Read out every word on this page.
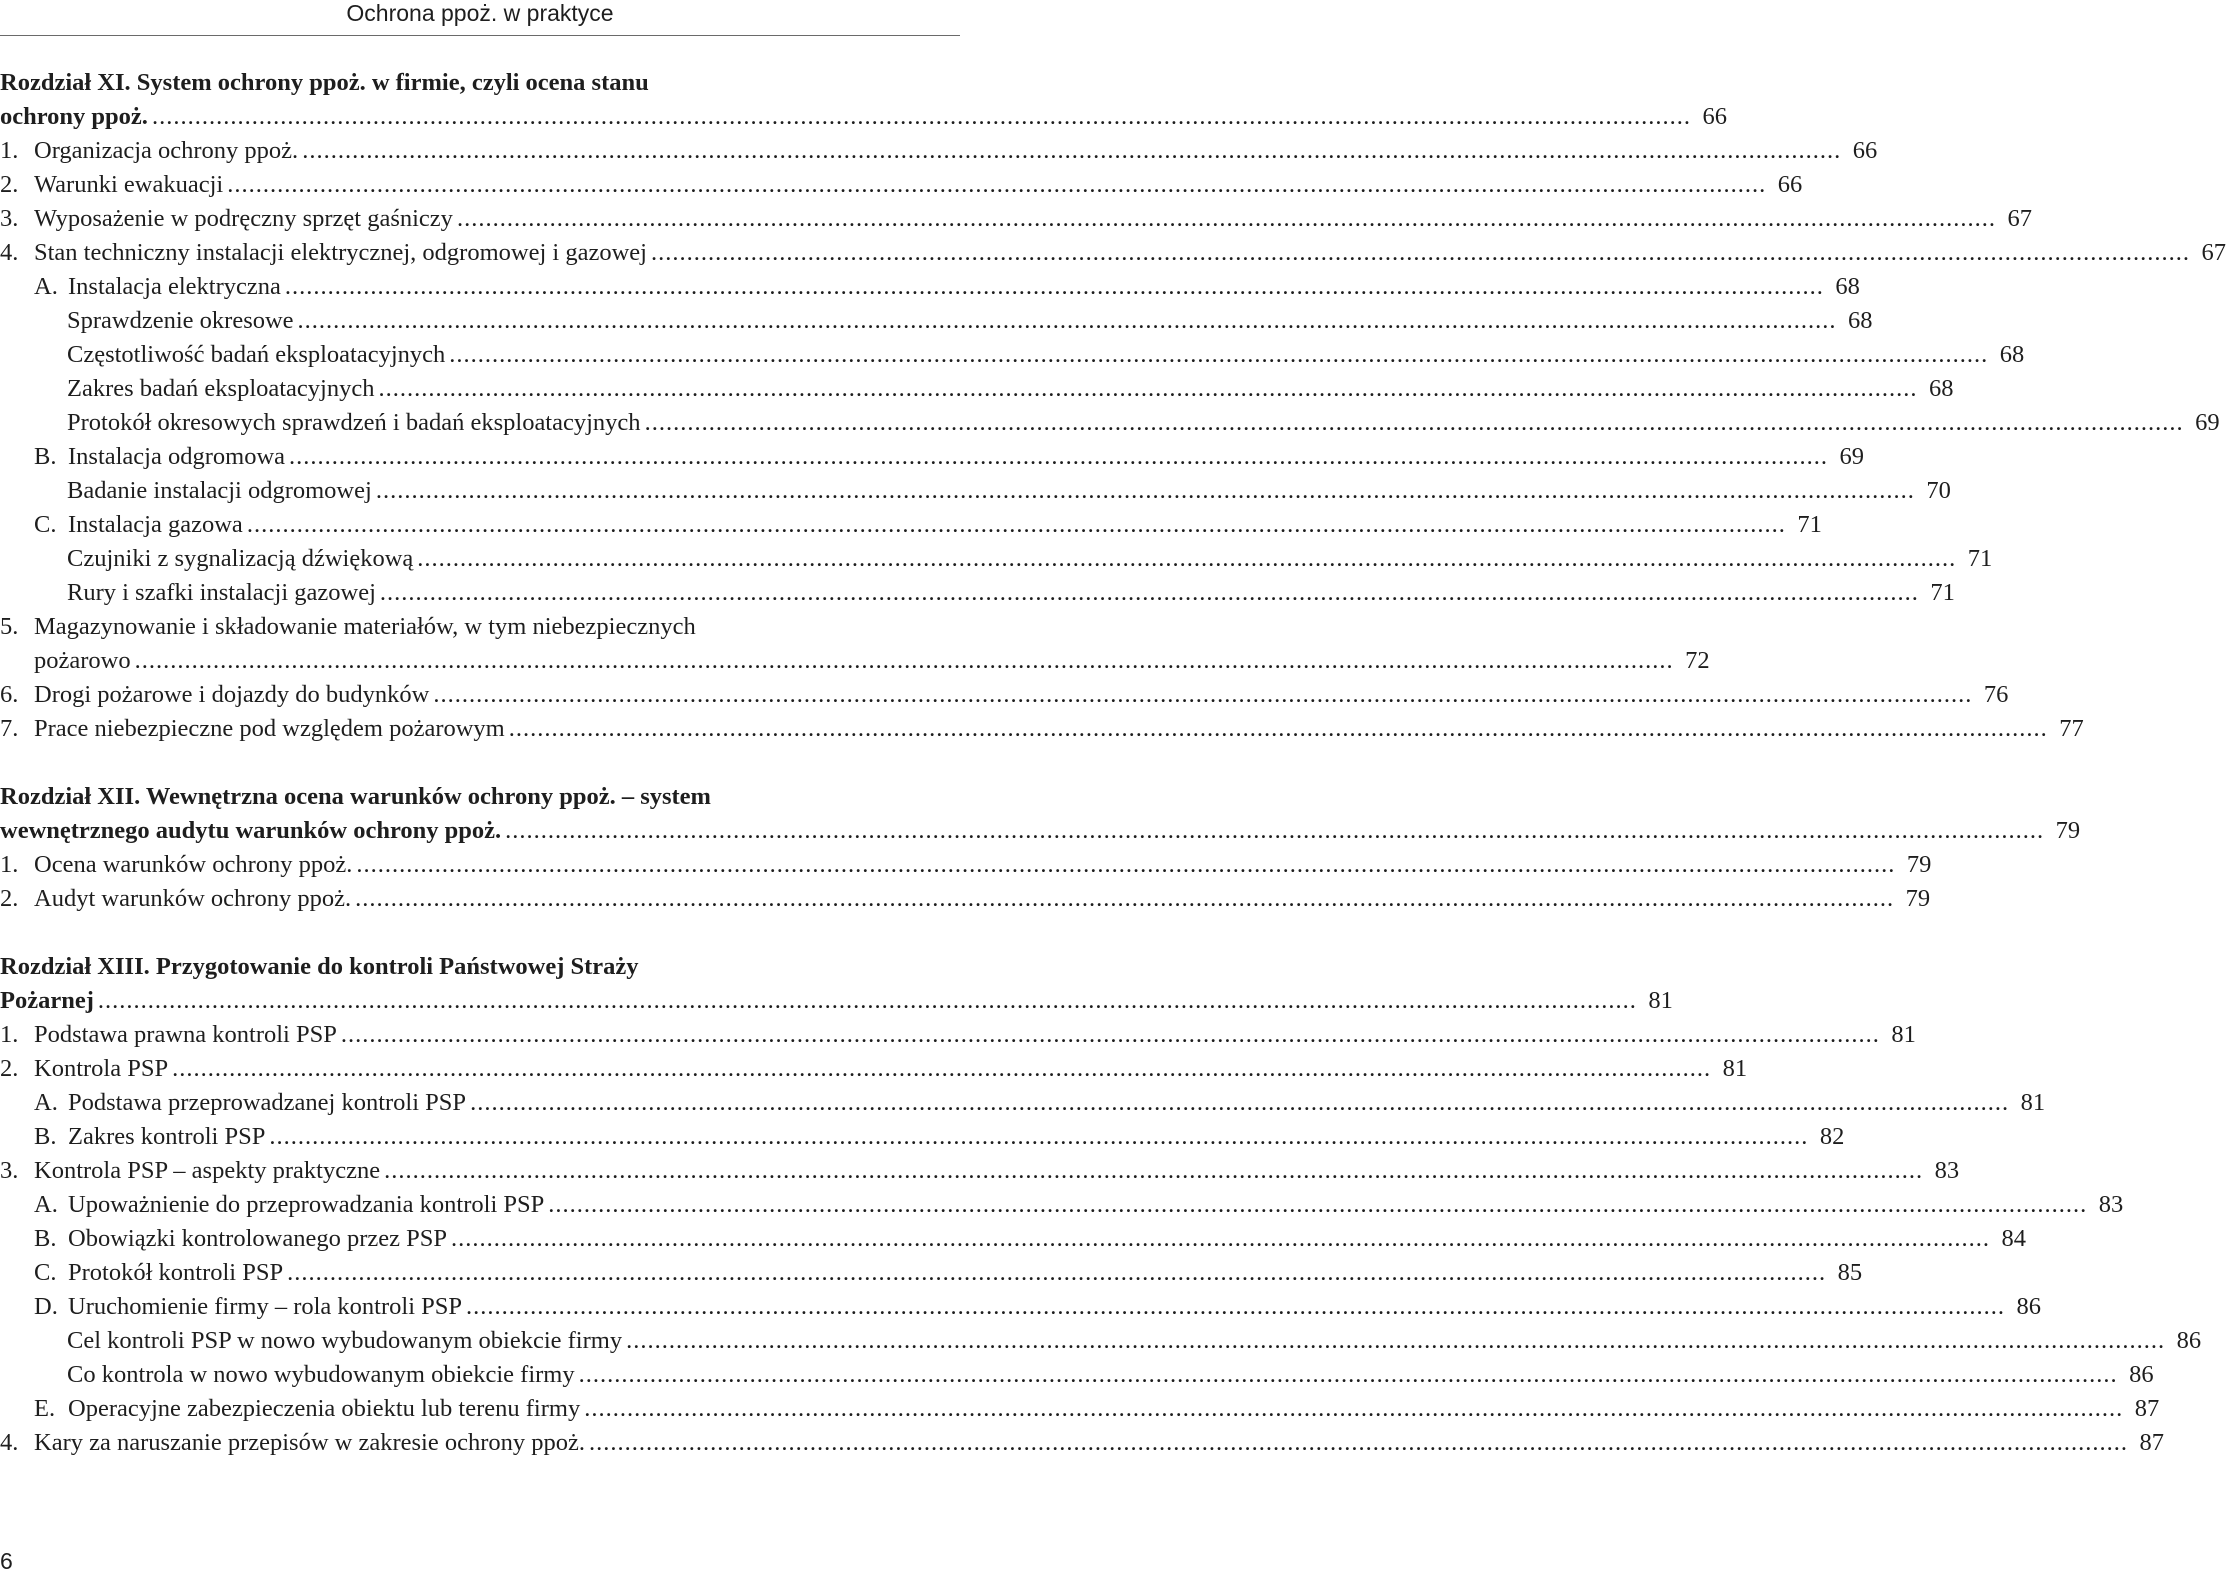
Ochrona ppoż. w praktyce
Rozdział XI. System ochrony ppoż. w firmie, czyli ocena stanu
ochrony ppoż. .....	66
1. Organizacja ochrony ppoż. .....	66
2. Warunki ewakuacji .....	66
3. Wyposażenie w podręczny sprzęt gaśniczy .....	67
4. Stan techniczny instalacji elektrycznej, odgromowej i gazowej .....	67
A. Instalacja elektryczna .....	68
Sprawdzenie okresowe .....	68
Częstotliwość badań eksploatacyjnych .....	68
Zakres badań eksploatacyjnych .....	68
Protokół okresowych sprawdzeń i badań eksploatacyjnych .....	69
B. Instalacja odgromowa .....	69
Badanie instalacji odgromowej .....	70
C. Instalacja gazowa .....	71
Czujniki z sygnalizacją dźwiękową .....	71
Rury i szafki instalacji gazowej .....	71
5. Magazynowanie i składowanie materiałów, w tym niebezpiecznych
pożarowo .....	72
6. Drogi pożarowe i dojazdy do budynków .....	76
7. Prace niebezpieczne pod względem pożarowym .....	77
Rozdział XII. Wewnętrzna ocena warunków ochrony ppoż. – system
wewnętrznego audytu warunków ochrony ppoż. .....	79
1. Ocena warunków ochrony ppoż. .....	79
2. Audyt warunków ochrony ppoż. .....	79
Rozdział XIII. Przygotowanie do kontroli Państwowej Straży
Pożarnej .....	81
1. Podstawa prawna kontroli PSP .....	81
2. Kontrola PSP .....	81
A. Podstawa przeprowadzanej kontroli PSP .....	81
B. Zakres kontroli PSP .....	82
3. Kontrola PSP – aspekty praktyczne .....	83
A. Upoważnienie do przeprowadzania kontroli PSP .....	83
B. Obowiązki kontrolowanego przez PSP .....	84
C. Protokół kontroli PSP .....	85
D. Uruchomienie firmy – rola kontroli PSP .....	86
Cel kontroli PSP w nowo wybudowanym obiekcie firmy .....	86
Co kontrola w nowo wybudowanym obiekcie firmy .....	86
E. Operacyjne zabezpieczenia obiektu lub terenu firmy .....	87
4. Kary za naruszanie przepisów w zakresie ochrony ppoż. .....	87
6
